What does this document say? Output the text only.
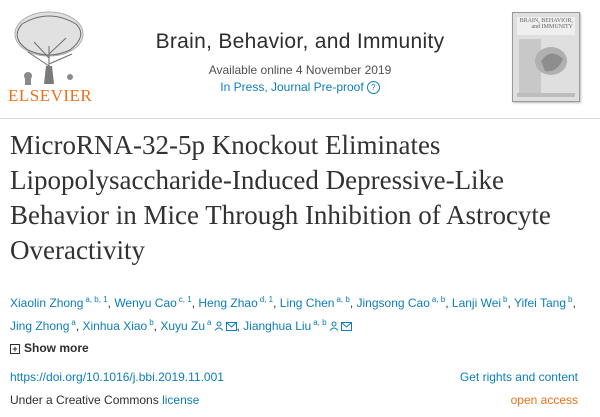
ELSEVIER
Brain, Behavior, and Immunity
Available online 4 November 2019
In Press, Journal Pre-proof ?
BRAIN, BEHAVIOR, and IMMUNITY
MicroRNA-32-5p Knockout Eliminates Lipopolysaccharide-Induced Depressive-Like Behavior in Mice Through Inhibition of Astrocyte Overactivity
Xiaolin Zhong $^{a, b, 1}$, Wenyu Cao $^{c, 1}$, Heng Zhao $^{d, 1}$, Ling Chen $^{a, b}$, Jingsong Cao $^{a, b}$, Lanji Wei $^b$, Yifei Tang $^b$, Jing Zhong $^a$, Xinhua Xiao $^b$, Xuyu Zu $^a$ , Jianghua Liu $^{a, b}$
+ Show more
https://doi.org/10.1016/j.bbi.2019.11.001	Get rights and content
Under a Creative Commons license	open access
